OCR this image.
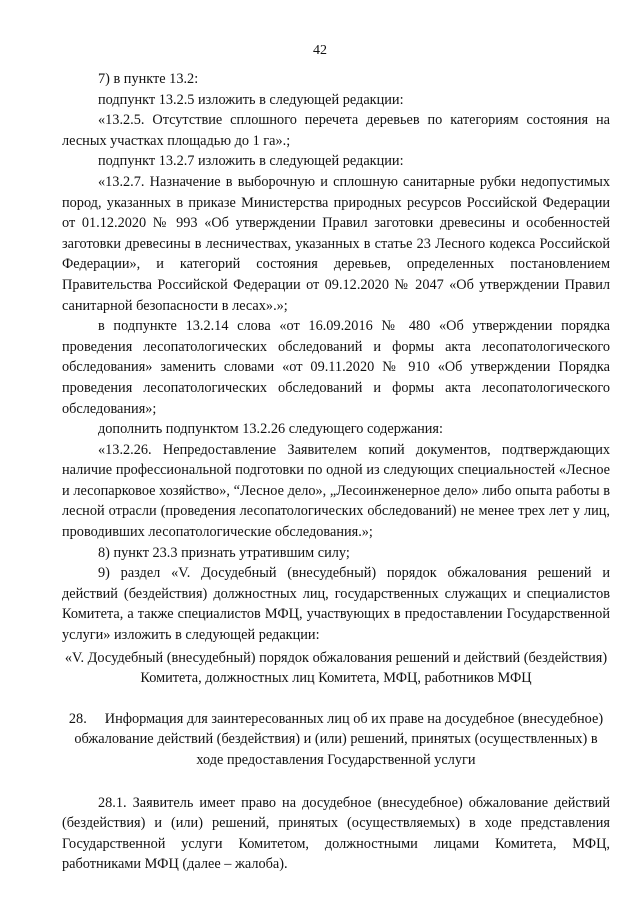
42

7) в пункте 13.2:

подпункт 13.2.5 изложить в следующей редакции:

«13.2.5. Отсутствие сплошного перечета деревьев по категориям состояния на лесных участках площадью до 1 га».;

подпункт 13.2.7 изложить в следующей редакции:

«13.2.7. Назначение в выборочную и сплошную санитарные рубки недопустимых пород, указанных в приказе Министерства природных ресурсов Российской Федерации от 01.12.2020 № 993 «Об утверждении Правил заготовки древесины и особенностей заготовки древесины в лесничествах, указанных в статье 23 Лесного кодекса Российской Федерации», и категорий состояния деревьев, определенных постановлением Правительства Российской Федерации от 09.12.2020 № 2047 «Об утверждении Правил санитарной безопасности в лесах».»;

в подпункте 13.2.14 слова «от 16.09.2016 № 480 «Об утверждении порядка проведения лесопатологических обследований и формы акта лесопатологического обследования» заменить словами «от 09.11.2020 № 910 «Об утверждении Порядка проведения лесопатологических обследований и формы акта лесопатологического обследования»;

дополнить подпунктом 13.2.26 следующего содержания:

«13.2.26. Непредоставление Заявителем копий документов, подтверждающих наличие профессиональной подготовки по одной из следующих специальностей «Лесное и лесопарковое хозяйство», “Лесное дело», „Лесоинженерное дело» либо опыта работы в лесной отрасли (проведения лесопатологических обследований) не менее трех лет у лиц, проводивших лесопатологические обследования.»;

8) пункт 23.3 признать утратившим силу;

9) раздел «V. Досудебный (внесудебный) порядок обжалования решений и действий (бездействия) должностных лиц, государственных служащих и специалистов Комитета, а также специалистов МФЦ, участвующих в предоставлении Государственной услуги» изложить в следующей редакции:

«V. Досудебный (внесудебный) порядок обжалования решений и действий (бездействия) Комитета, должностных лиц Комитета, МФЦ, работников МФЦ

28. Информация для заинтересованных лиц об их праве на досудебное (внесудебное) обжалование действий (бездействия) и (или) решений, принятых (осуществленных) в ходе предоставления Государственной услуги

28.1. Заявитель имеет право на досудебное (внесудебное) обжалование действий (бездействия) и (или) решений, принятых (осуществляемых) в ходе представления Государственной услуги Комитетом, должностными лицами Комитета, МФЦ, работниками МФЦ (далее – жалоба).
